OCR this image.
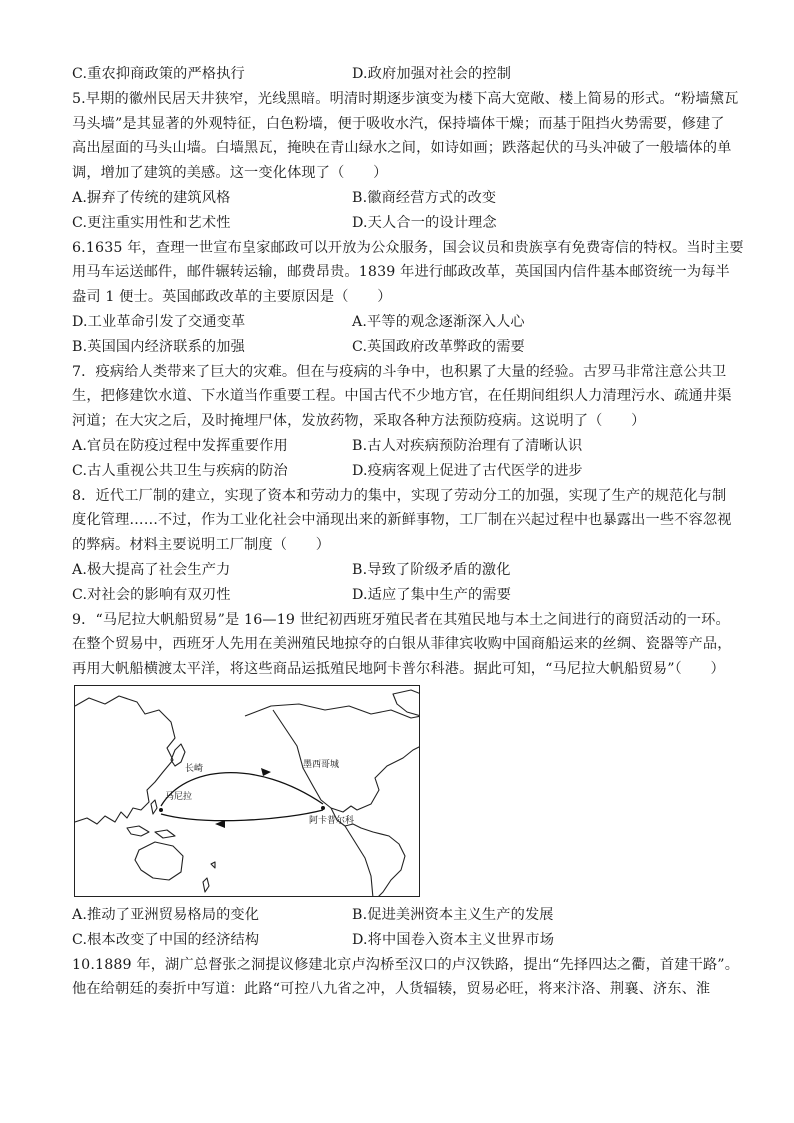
C.重农抑商政策的严格执行	D.政府加强对社会的控制
5.早期的徽州民居天井狭窄，光线黑暗。明清时期逐步演变为楼下高大宽敞、楼上简易的形式。“粉墙黛瓦
马头墙”是其显著的外观特征，白色粉墙，便于吸收水汽，保持墙体干燥；而基于阻挡火势需要，修建了
高出屋面的马头山墙。白墙黑瓦，掩映在青山绿水之间，如诗如画；跌落起伏的马头冲破了一般墙体的单
调，增加了建筑的美感。这一变化体现了（　　）
A.摒弃了传统的建筑风格	B.徽商经营方式的改变
C.更注重实用性和艺术性	D.天人合一的设计理念
6.1635 年，查理一世宣布皇家邮政可以开放为公众服务，国会议员和贵族享有免费寄信的特权。当时主要
用马车运送邮件，邮件辗转运输，邮费昂贵。1839 年进行邮政改革，英国国内信件基本邮资统一为每半
盎司 1 便士。英国邮政改革的主要原因是（　　）
D.工业革命引发了交通变革	A.平等的观念逐渐深入人心
B.英国国内经济联系的加强	C.英国政府改革弊政的需要
7．疫病给人类带来了巨大的灾难。但在与疫病的斗争中，也积累了大量的经验。古罗马非常注意公共卫
生，把修建饮水道、下水道当作重要工程。中国古代不少地方官，在任期间组织人力清理污水、疏通井渠
河道；在大灾之后，及时掩埋尸体，发放药物，采取各种方法预防疫病。这说明了（　　）
A.官员在防疫过程中发挥重要作用	B.古人对疾病预防治理有了清晰认识
C.古人重视公共卫生与疾病的防治	D.疫病客观上促进了古代医学的进步
8．近代工厂制的建立，实现了资本和劳动力的集中，实现了劳动分工的加强，实现了生产的规范化与制
度化管理……不过，作为工业化社会中涌现出来的新鲜事物，工厂制在兴起过程中也暴露出一些不容忽视
的弊病。材料主要说明工厂制度（　　）
A.极大提高了社会生产力	B.导致了阶级矛盾的激化
C.对社会的影响有双刃性	D.适应了集中生产的需要
9．“马尼拉大帆船贸易”是 16—19 世纪初西班牙殖民者在其殖民地与本土之间进行的商贸活动的一环。
在整个贸易中，西班牙人先用在美洲殖民地掠夺的白银从菲律宾收购中国商船运来的丝绸、瓷器等产品，
再用大帆船横渡太平洋，将这些商品运抵殖民地阿卡普尔科港。据此可知，“马尼拉大帆船贸易”（　　）
长崎
马尼拉
墨西哥城
阿卡普尔科
A.推动了亚洲贸易格局的变化	B.促进美洲资本主义生产的发展
C.根本改变了中国的经济结构	D.将中国卷入资本主义世界市场
10.1889 年，湖广总督张之洞提议修建北京卢沟桥至汉口的卢汉铁路，提出“先择四达之衢，首建干路”。
他在给朝廷的奏折中写道：此路“可控八九省之冲，人货辐辏，贸易必旺，将来汴洛、荆襄、济东、淮
